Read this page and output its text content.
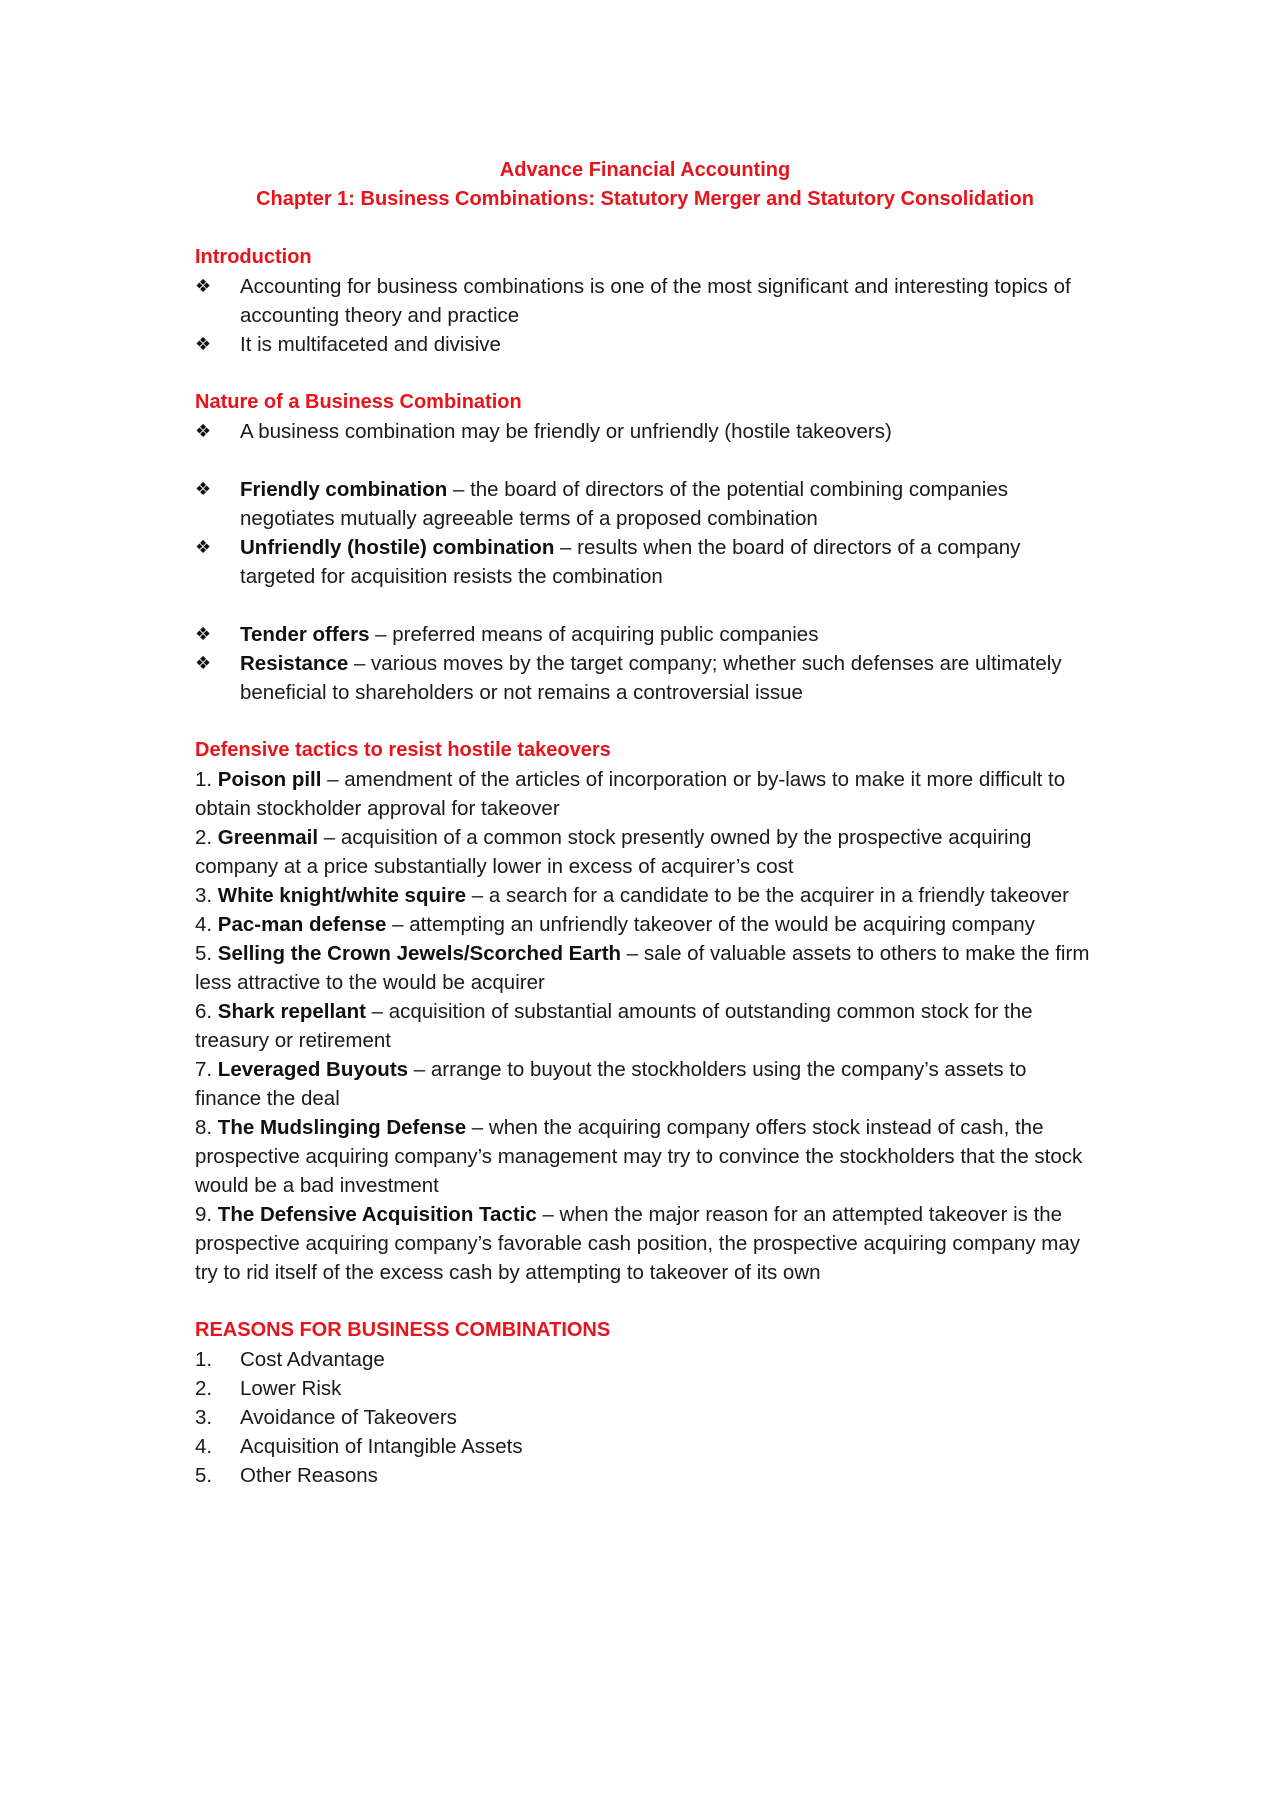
Advance Financial Accounting

Chapter 1: Business Combinations: Statutory Merger and Statutory Consolidation

Introduction

❖ Accounting for business combinations is one of the most significant and interesting topics of accounting theory and practice
❖ It is multifaceted and divisive

Nature of a Business Combination

❖ A business combination may be friendly or unfriendly (hostile takeovers)
❖ Friendly combination – the board of directors of the potential combining companies negotiates mutually agreeable terms of a proposed combination
❖ Unfriendly (hostile) combination – results when the board of directors of a company targeted for acquisition resists the combination
❖ Tender offers – preferred means of acquiring public companies
❖ Resistance – various moves by the target company; whether such defenses are ultimately beneficial to shareholders or not remains a controversial issue

Defensive tactics to resist hostile takeovers

1. Poison pill – amendment of the articles of incorporation or by-laws to make it more difficult to obtain stockholder approval for takeover

2. Greenmail – acquisition of a common stock presently owned by the prospective acquiring company at a price substantially lower in excess of acquirer’s cost

3. White knight/white squire – a search for a candidate to be the acquirer in a friendly takeover

4. Pac-man defense – attempting an unfriendly takeover of the would be acquiring company

5. Selling the Crown Jewels/Scorched Earth – sale of valuable assets to others to make the firm less attractive to the would be acquirer

6. Shark repellant – acquisition of substantial amounts of outstanding common stock for the treasury or retirement

7. Leveraged Buyouts – arrange to buyout the stockholders using the company’s assets to finance the deal

8. The Mudslinging Defense – when the acquiring company offers stock instead of cash, the prospective acquiring company’s management may try to convince the stockholders that the stock would be a bad investment

9. The Defensive Acquisition Tactic – when the major reason for an attempted takeover is the prospective acquiring company’s favorable cash position, the prospective acquiring company may try to rid itself of the excess cash by attempting to takeover of its own

REASONS FOR BUSINESS COMBINATIONS

1. Cost Advantage
2. Lower Risk
3. Avoidance of Takeovers
4. Acquisition of Intangible Assets
5. Other Reasons
